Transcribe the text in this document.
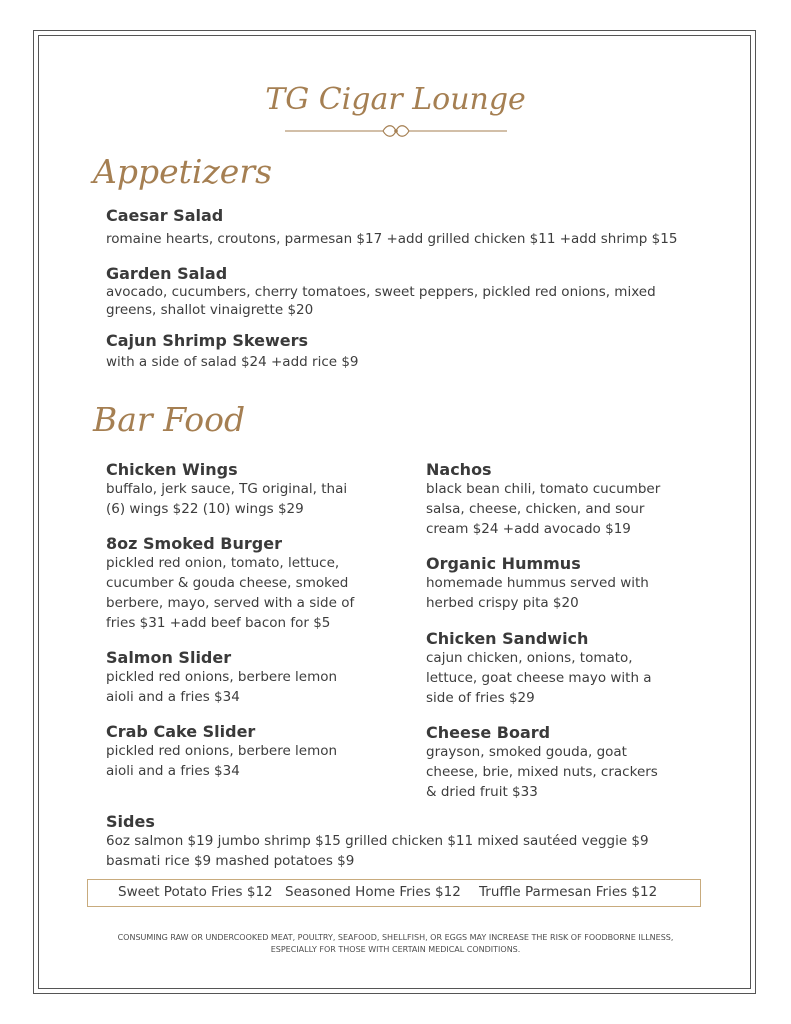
TG Cigar Lounge
Appetizers
Caesar Salad
romaine hearts, croutons, parmesan $17 +add grilled chicken $11 +add shrimp $15
Garden Salad
avocado, cucumbers, cherry tomatoes, sweet peppers, pickled red onions, mixed greens, shallot vinaigrette $20
Cajun Shrimp Skewers
with a side of salad $24 +add rice $9
Bar Food
Chicken Wings
buffalo, jerk sauce, TG original, thai (6) wings $22 (10) wings $29
8oz Smoked Burger
pickled red onion, tomato, lettuce, cucumber & gouda cheese, smoked berbere, mayo, served with a side of fries $31 +add beef bacon for $5
Salmon Slider
pickled red onions, berbere lemon aioli and a fries $34
Crab Cake Slider
pickled red onions, berbere lemon aioli and a fries $34
Nachos
black bean chili, tomato cucumber salsa, cheese, chicken, and sour cream $24 +add avocado $19
Organic Hummus
homemade hummus served with herbed crispy pita $20
Chicken Sandwich
cajun chicken, onions, tomato, lettuce, goat cheese mayo with a side of fries $29
Cheese Board
grayson, smoked gouda, goat cheese, brie, mixed nuts, crackers & dried fruit $33
Sides
6oz salmon $19 jumbo shrimp $15 grilled chicken $11 mixed sautéed veggie $9
basmati rice $9 mashed potatoes $9
Sweet Potato Fries $12 Seasoned Home Fries $12 Truffle Parmesan Fries $12
CONSUMING RAW OR UNDERCOOKED MEAT, POULTRY, SEAFOOD, SHELLFISH, OR EGGS MAY INCREASE THE RISK OF FOODBORNE ILLNESS, ESPECIALLY FOR THOSE WITH CERTAIN MEDICAL CONDITIONS.
